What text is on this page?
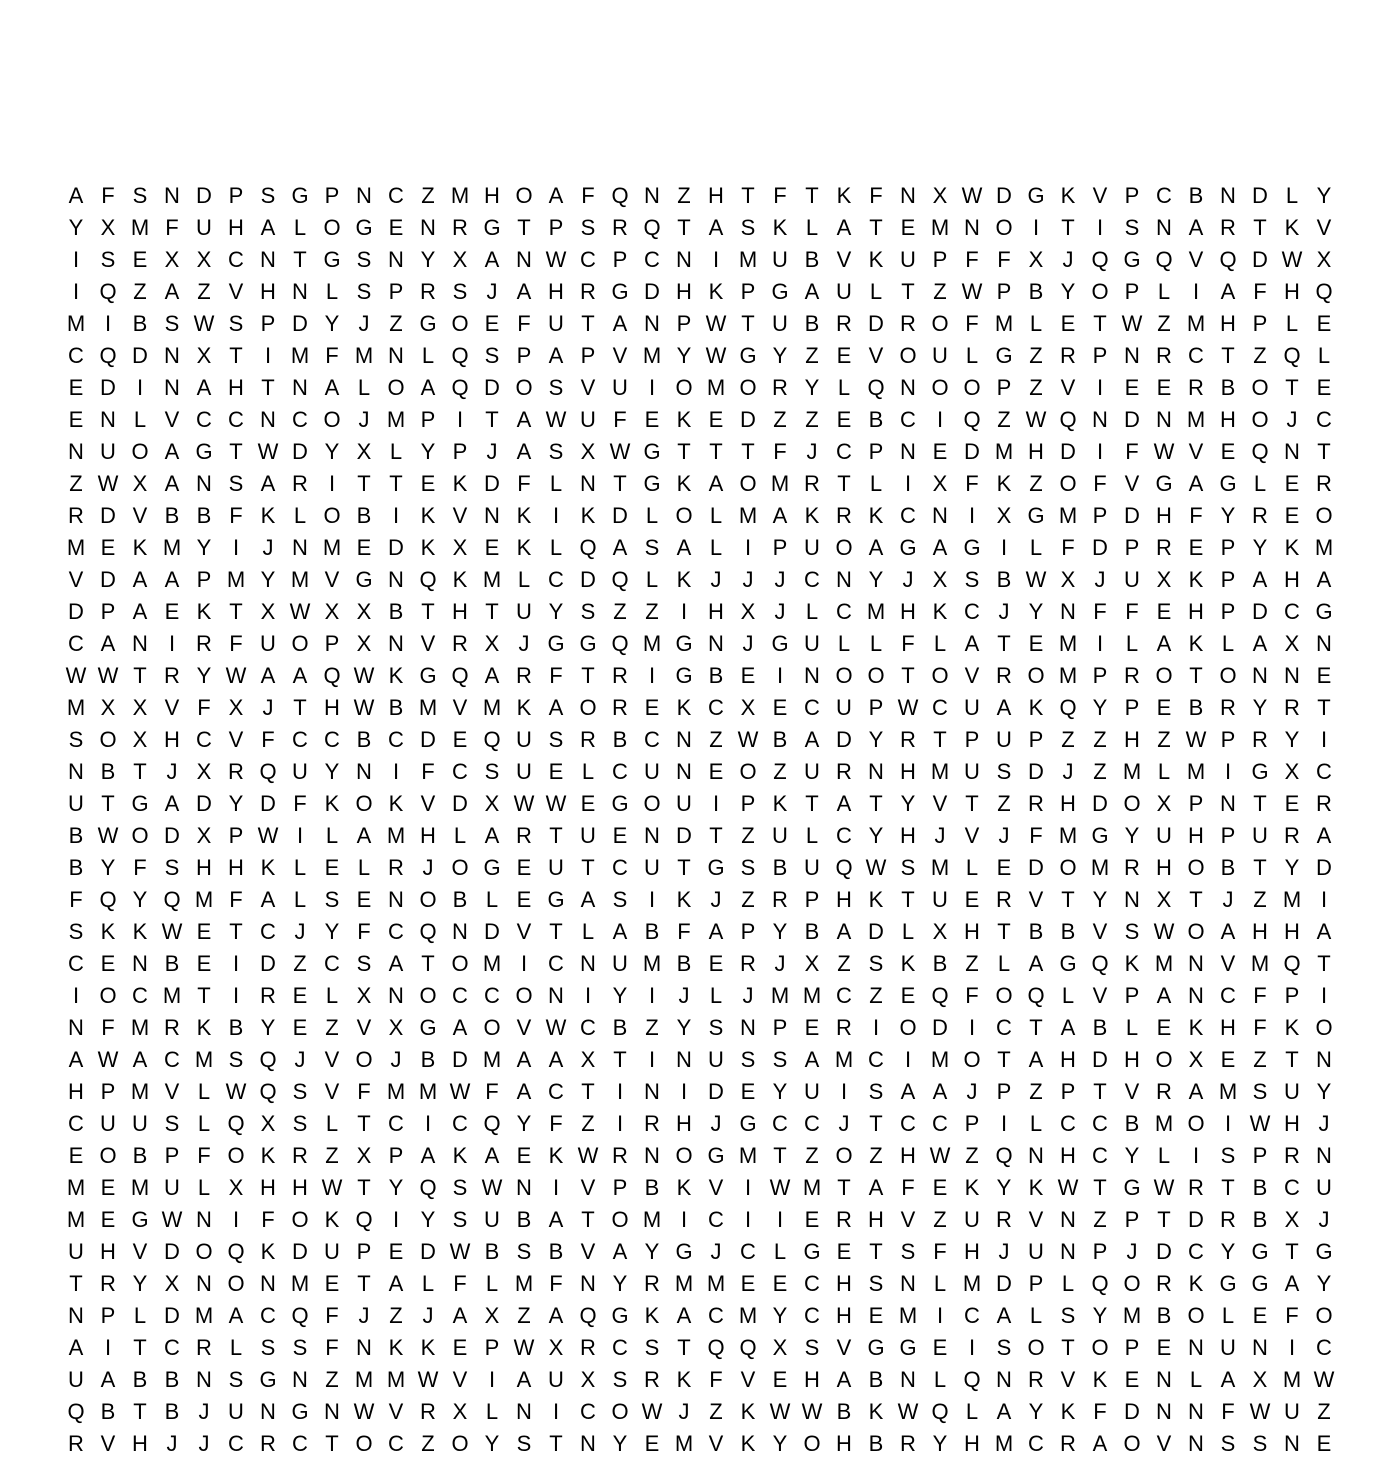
A F S N D P S G P N C Z M H O A F Q N Z H T F T K F N X W D G K V P C B N D L Y
Y X M F U H A L O G E N R G T P S R Q T A S K L A T E M N O I	T	I S N A R T K V
I S E X X C N T G S N Y X A N W C P C N I M U B V K U P F F X J Q G Q V Q D W X
I Q Z A Z V H N L S P R S J A H R G D H K P G A U L T Z W P B Y O P L	I A F H Q
M I B S W S P D Y J Z G O E F U T A N P W T U B R D R O F M L E T W Z M H P L E
C Q D N X T	I M F M N L Q S P A P V M Y W G Y Z E V O U L G Z R P N R C T Z Q L
E D I N A H T N A L O A Q D O S V U I O M O R Y L Q N O O P Z V I E E R B O T E
E N L V C C N C O J M P I	T A W U F E K E D Z Z E B C I Q Z W Q N D N M H O J C
N U O A G T W D Y X L Y P J A S X W G T T T F J C P N E D M H D I	F W V E Q N T
Z W X A N S A R I	T T E K D F L N T G K A O M R T L	I X F K Z O F V G A G L E R
R D V B B F K L O B I K V N K I K D L O L M A K R K C N I X G M P D H F Y R E O
M E K M Y I	J N M E D K X E K L Q A S A L	I P U O A G A G I	L F D P R E P Y K M
V D A A P M Y M V G N Q K M L C D Q L K J J J C N Y J X S B W X J U X K P A H A
D P A E K T X W X X B T H T U Y S Z Z	I H X J L C M H K C J Y N F F E H P D C G
C A N I R F U O P X N V R X J G G Q M G N J G U L L F L A T E M I	L A K L A X N
W W T R Y W A A Q W K G Q A R F T R I G B E I N O O T O V R O M P R O T O N N E
M X X V F X J T H W B M V M K A O R E K C X E C U P W C U A K Q Y P E B R Y R T
S O X H C V F C C B C D E Q U S R B C N Z W B A D Y R T P U P Z Z H Z W P R Y I
N B T J X R Q U Y N I	F C S U E L C U N E O Z U R N H M U S D J Z M L M I G X C
U T G A D Y D F K O K V D X W W E G O U I P K T A T Y V T Z R H D O X P N T E R
B W O D X P W I	L A M H L A R T U E N D T Z U L C Y H J V J F M G Y U H P U R A
B Y F S H H K L E L R J O G E U T C U T G S B U Q W S M L E D O M R H O B T Y D
F Q Y Q M F A L S E N O B L E G A S I K J Z R P H K T U E R V T Y N X T J Z M I
S K K W E T C J Y F C Q N D V T L A B F A P Y B A D L X H T B B V S W O A H H A
C E N B E I D Z C S A T O M I C N U M B E R J X Z S K B Z L A G Q K M N V M Q T
I O C M T	I R E L X N O C C O N I Y I	J L J M M C Z E Q F O Q L V P A N C F P I
N F M R K B Y E Z V X G A O V W C B Z Y S N P E R I O D I C T A B L E K H F K O
A W A C M S Q J V O J B D M A A X T	I N U S S A M C I M O T A H D H O X E Z T N
H P M V L W Q S V F M M W F A C T	I N I D E Y U I S A A J P Z P T V R A M S U Y
C U U S L Q X S L T C I C Q Y F Z	I R H J G C C J T C C P I	L C C B M O I W H J
E O B P F O K R Z X P A K A E K W R N O G M T Z O Z H W Z Q N H C Y L	I S P R N
M E M U L X H H W T Y Q S W N I V P B K V I W M T A F E K Y K W T G W R T B C U
M E G W N I	F O K Q I Y S U B A T O M I C I	I E R H V Z U R V N Z P T D R B X J
U H V D O Q K D U P E D W B S B V A Y G J C L G E T S F H J U N P J D C Y G T G
T R Y X N O N M E T A L F L M F N Y R M M E E C H S N L M D P L Q O R K G G A Y
N P L D M A C Q F J Z J A X Z A Q G K A C M Y C H E M I C A L S Y M B O L E F O
A I	T C R L S S F N K K E P W X R C S T Q Q X S V G G E I S O T O P E N U N I C
U A B B N S G N Z M M W V I A U X S R K F V E H A B N L Q N R V K E N L A X M W
Q B T B J U N G N W V R X L N I C O W J Z K W W B K W Q L A Y K F D N N F W U Z
R V H J J C R C T O C Z O Y S T N Y E M V K Y O H B R Y H M C R A O V N S S N E
